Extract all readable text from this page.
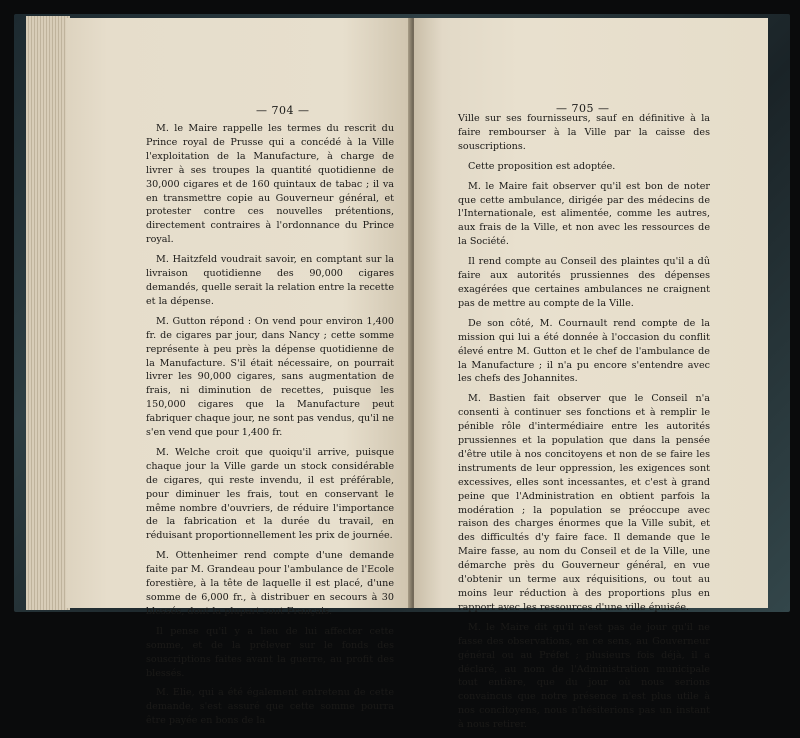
— 704 —

M. le Maire rappelle les termes du rescrit du Prince royal de Prusse qui a concédé à la Ville l'exploitation de la Manufacture, à charge de livrer à ses troupes la quantité quotidienne de 30,000 cigares et de 160 quintaux de tabac ; il va en transmettre copie au Gouverneur général, et protester contre ces nouvelles prétentions, directement contraires à l'ordonnance du Prince royal.

M. Haitzfeld voudrait savoir, en comptant sur la livraison quotidienne des 90,000 cigares demandés, quelle serait la relation entre la recette et la dépense.

M. Gutton répond : On vend pour environ 1,400 fr. de cigares par jour, dans Nancy ; cette somme représente à peu près la dépense quotidienne de la Manufacture. S'il était nécessaire, on pourrait livrer les 90,000 cigares, sans augmentation de frais, ni diminution de recettes, puisque les 150,000 cigares que la Manufacture peut fabriquer chaque jour, ne sont pas vendus, qu'il ne s'en vend que pour 1,400 fr.

M. Welche croit que quoiqu'il arrive, puisque chaque jour la Ville garde un stock considérable de cigares, qui reste invendu, il est préférable, pour diminuer les frais, tout en conservant le même nombre d'ouvriers, de réduire l'importance de la fabrication et la durée du travail, en réduisant proportionnellement les prix de journée.

M. Ottenheimer rend compte d'une demande faite par M. Grandeau pour l'ambulance de l'Ecole forestière, à la tête de laquelle il est placé, d'une somme de 6,000 fr., à distribuer en secours à 30 blessés, dont la plupart sont Français.

Il pense qu'il y a lieu de lui affecter cette somme, et de la prélever sur le fonds des souscriptions faites avant la guerre, au profit des blessés.

M. Elie, qui a été également entretenu de cette demande, s'est assuré que cette somme pourra être payée en bons de la

— 705 —

Ville sur ses fournisseurs, sauf en définitive à la faire rembourser à la Ville par la caisse des souscriptions.

Cette proposition est adoptée.

M. le Maire fait observer qu'il est bon de noter que cette ambulance, dirigée par des médecins de l'Internationale, est alimentée, comme les autres, aux frais de la Ville, et non avec les ressources de la Société.

Il rend compte au Conseil des plaintes qu'il a dû faire aux autorités prussiennes des dépenses exagérées que certaines ambulances ne craignent pas de mettre au compte de la Ville.

De son côté, M. Cournault rend compte de la mission qui lui a été donnée à l'occasion du conflit élevé entre M. Gutton et le chef de l'ambulance de la Manufacture ; il n'a pu encore s'entendre avec les chefs des Johannites.

M. Bastien fait observer que le Conseil n'a consenti à continuer ses fonctions et à remplir le pénible rôle d'intermédiaire entre les autorités prussiennes et la population que dans la pensée d'être utile à nos concitoyens et non de se faire les instruments de leur oppression, les exigences sont excessives, elles sont incessantes, et c'est à grand peine que l'Administration en obtient parfois la modération ; la population se préoccupe avec raison des charges énormes que la Ville subit, et des difficultés d'y faire face. Il demande que le Maire fasse, au nom du Conseil et de la Ville, une démarche près du Gouverneur général, en vue d'obtenir un terme aux réquisitions, ou tout au moins leur réduction à des proportions plus en rapport avec les ressources d'une ville épuisée.

M. le Maire dit qu'il n'est pas de jour qu'il ne fasse des observations, en ce sens, au Gouverneur général ou au Préfet ; plusieurs fois déjà, il a déclaré, au nom de l'Administration municipale tout entière, que du jour où nous serions convaincus que notre présence n'est plus utile à nos concitoyens, nous n'hésiterions pas un instant à nous retirer.
